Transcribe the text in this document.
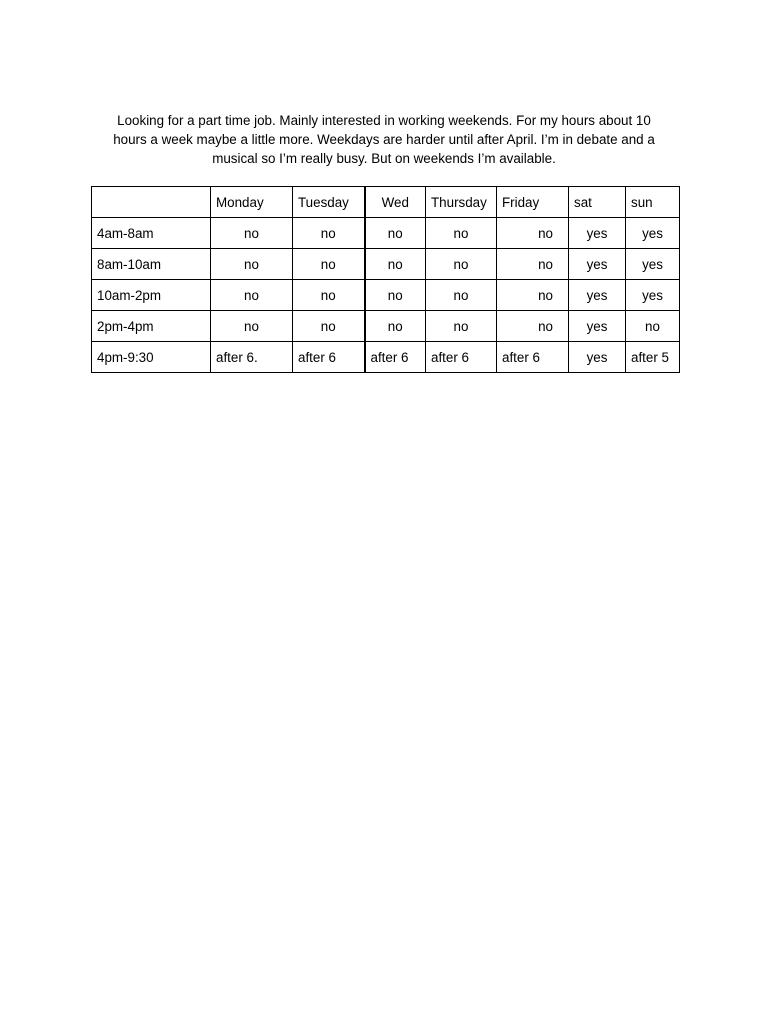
Looking for a part time job. Mainly interested in working weekends. For my hours about 10 hours a week maybe a little more. Weekdays are harder until after April. I’m in debate and a musical so I’m really busy. But on weekends I’m available.
	Monday	Tuesday	Wed	Thursday	Friday	sat	sun
4am-8am	no	no	no	no	no	yes	yes
8am-10am	no	no	no	no	no	yes	yes
10am-2pm	no	no	no	no	no	yes	yes
2pm-4pm	no	no	no	no	no	yes	no
4pm-9:30	after 6.	after 6	after 6	after 6	after 6	yes	after 5
